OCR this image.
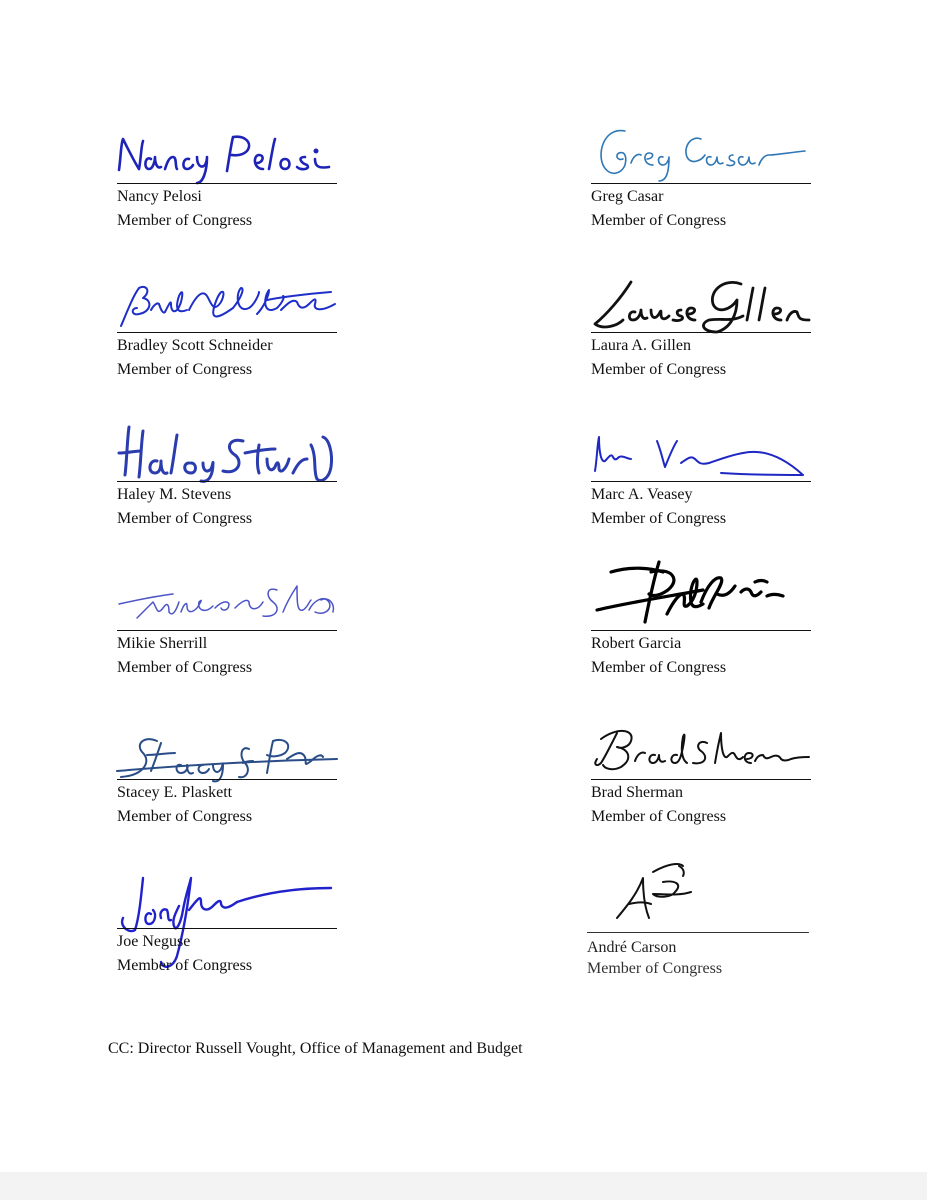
Nancy Pelosi
Member of Congress
Bradley Scott Schneider
Member of Congress
Haley M. Stevens
Member of Congress
Mikie Sherrill
Member of Congress
Stacey E. Plaskett
Member of Congress
Joe Neguse
Member of Congress
Greg Casar
Member of Congress
Laura A. Gillen
Member of Congress
Marc A. Veasey
Member of Congress
Robert Garcia
Member of Congress
Brad Sherman
Member of Congress
André Carson
Member of Congress
CC: Director Russell Vought, Office of Management and Budget
